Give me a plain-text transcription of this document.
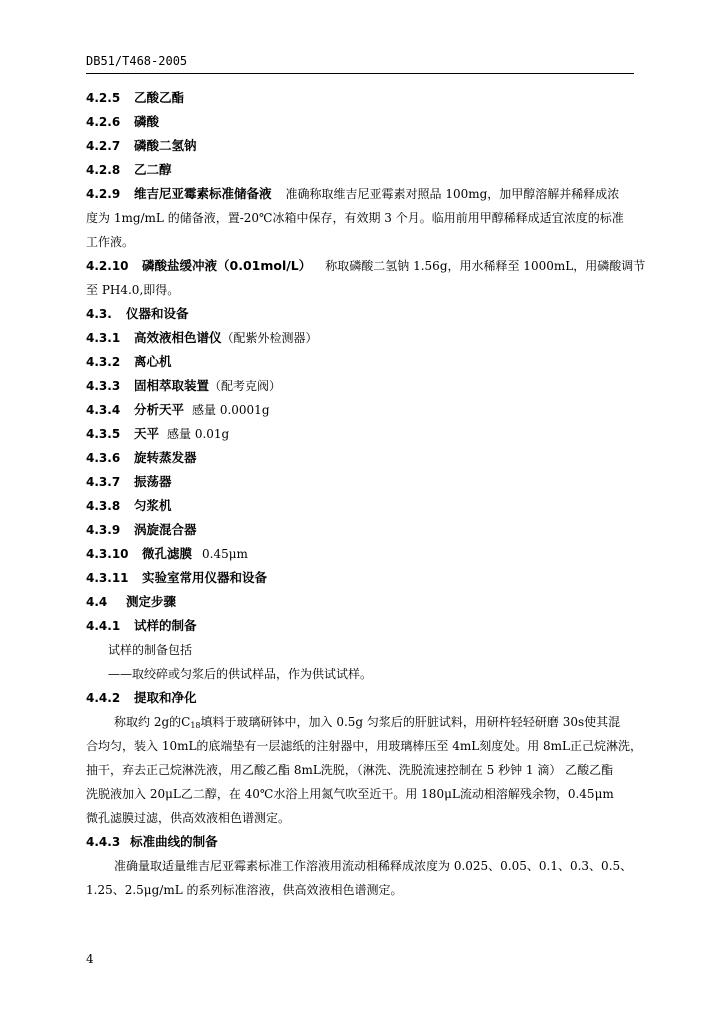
DB51/T468-2005
4.2.5 乙酸乙酯
4.2.6 磷酸
4.2.7 磷酸二氢钠
4.2.8 乙二醇
4.2.9 维吉尼亚霉素标准储备液 准确称取维吉尼亚霉素对照品 100mg，加甲醇溶解并稀释成浓
度为 1mg/mL 的储备液，置-20℃冰箱中保存，有效期 3 个月。临用前用甲醇稀释成适宜浓度的标准
工作液。
4.2.10 磷酸盐缓冲液（0.01mol/L） 称取磷酸二氢钠 1.56g，用水稀释至 1000mL，用磷酸调节
至 PH4.0,即得。
4.3. 仪器和设备
4.3.1 高效液相色谱仪（配紫外检测器）
4.3.2 离心机
4.3.3 固相萃取装置（配考克阀）
4.3.4 分析天平 感量 0.0001g
4.3.5 天平 感量 0.01g
4.3.6 旋转蒸发器
4.3.7 振荡器
4.3.8 匀浆机
4.3.9 涡旋混合器
4.3.10 微孔滤膜 0.45μm
4.3.11 实验室常用仪器和设备
4.4 测定步骤
4.4.1 试样的制备
试样的制备包括
——取绞碎或匀浆后的供试样品，作为供试试样。
4.4.2 提取和净化
称取约 2g的$C_{18}$填料于玻璃研钵中，加入 0.5g 匀浆后的肝脏试料，用研杵轻轻研磨 30s使其混
合均匀，装入 10mL的底端垫有一层滤纸的注射器中，用玻璃棒压至 4mL刻度处。用 8mL正己烷淋洗，
抽干，弃去正己烷淋洗液，用乙酸乙酯 8mL洗脱，（淋洗、洗脱流速控制在 5 秒钟 1 滴） 乙酸乙酯
洗脱液加入 20μL乙二醇，在 40℃水浴上用氮气吹至近干。用 180μL流动相溶解残余物，0.45μm
微孔滤膜过滤，供高效液相色谱测定。
4.4.3 标准曲线的制备
准确量取适量维吉尼亚霉素标准工作溶液用流动相稀释成浓度为 0.025、0.05、0.1、0.3、0.5、
1.25、2.5μg/mL 的系列标准溶液，供高效液相色谱测定。
4
